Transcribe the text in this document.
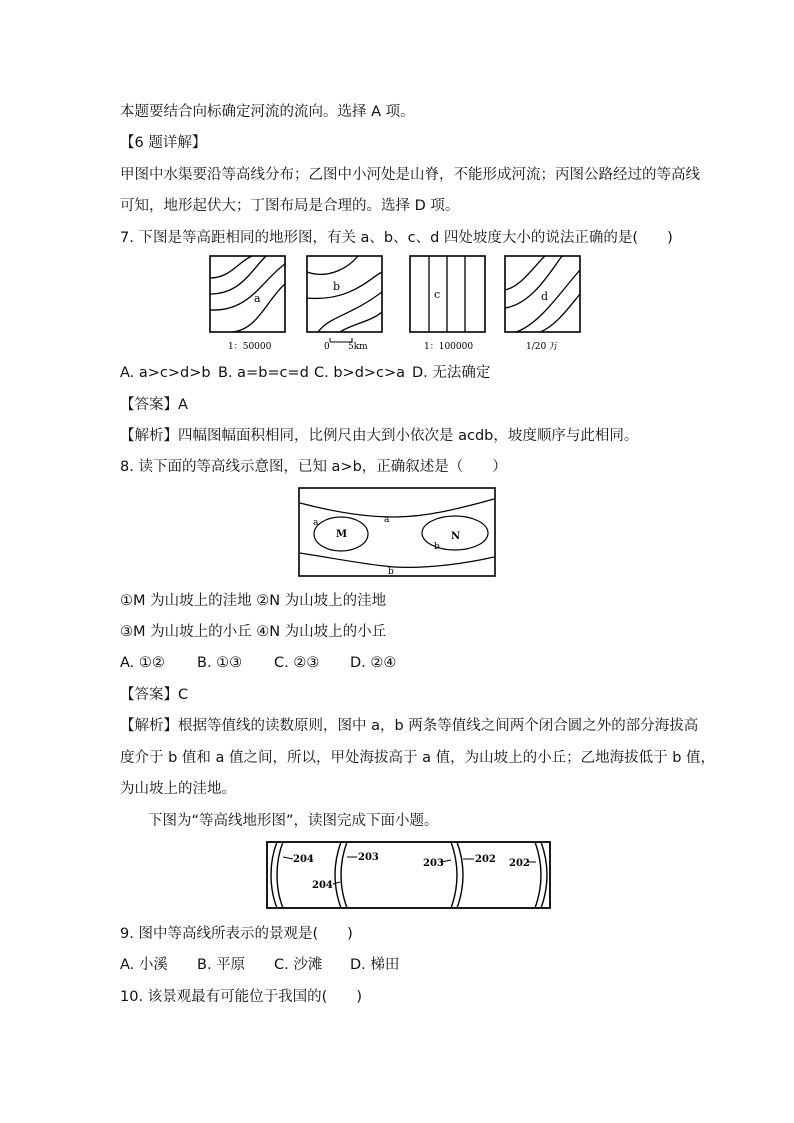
本题要结合向标确定河流的流向。选择 A 项。
【6 题详解】
甲图中水渠要沿等高线分布；乙图中小河处是山脊，不能形成河流；丙图公路经过的等高线
可知，地形起伏大；丁图布局是合理的。选择 D 项。
7. 下图是等高距相同的地形图，有关 a、b、c、d 四处坡度大小的说法正确的是(　　)
a
1：50000
b
0 5km
c
1：100000
d
1/20 万
A. a>c>d>b B. a=b=c=d C. b>d>c>a D. 无法确定
【答案】A
【解析】四幅图幅面积相同，比例尺由大到小依次是 acdb，坡度顺序与此相同。
8. 读下面的等高线示意图，已知 a>b，正确叙述是（　　）
a
a
b
b
M	N
①M 为山坡上的洼地 ②N 为山坡上的洼地
③M 为山坡上的小丘 ④N 为山坡上的小丘
A. ①② B. ①③ C. ②③ D. ②④
【答案】C
【解析】根据等值线的读数原则，图中 a，b 两条等值线之间两个闭合圆之外的部分海拔高
度介于 b 值和 a 值之间，所以，甲处海拔高于 a 值，为山坡上的小丘；乙地海拔低于 b 值，
为山坡上的洼地。
下图为“等高线地形图”，读图完成下面小题。
204	203
204
203	202 202
9. 图中等高线所表示的景观是(　　)
A. 小溪 B. 平原 C. 沙滩 D. 梯田
10. 该景观最有可能位于我国的(　　)
